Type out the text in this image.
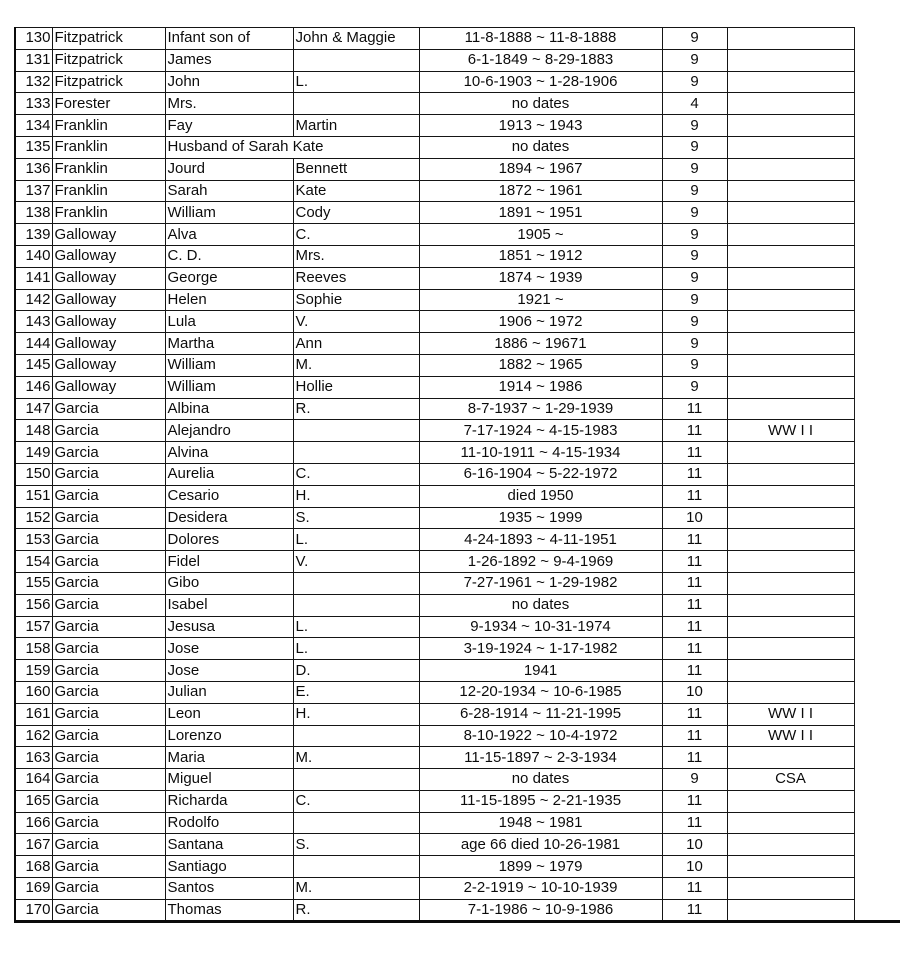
130	Fitzpatrick	Infant son of	John & Maggie	11-8-1888 ~ 11-8-1888	9	
131	Fitzpatrick	James		6-1-1849 ~ 8-29-1883	9	
132	Fitzpatrick	John	L.	10-6-1903 ~ 1-28-1906	9	
133	Forester	Mrs.		no dates	4	
134	Franklin	Fay	Martin	1913 ~ 1943	9	
135	Franklin	Husband of Sarah Kate		no dates	9	
136	Franklin	Jourd	Bennett	1894 ~ 1967	9	
137	Franklin	Sarah	Kate	1872 ~ 1961	9	
138	Franklin	William	Cody	1891 ~ 1951	9	
139	Galloway	Alva	C.	1905 ~	9	
140	Galloway	C. D.	Mrs.	1851 ~ 1912	9	
141	Galloway	George	Reeves	1874 ~ 1939	9	
142	Galloway	Helen	Sophie	1921 ~	9	
143	Galloway	Lula	V.	1906 ~ 1972	9	
144	Galloway	Martha	Ann	1886 ~ 19671	9	
145	Galloway	William	M.	1882 ~ 1965	9	
146	Galloway	William	Hollie	1914 ~ 1986	9	
147	Garcia	Albina	R.	8-7-1937 ~ 1-29-1939	11	
148	Garcia	Alejandro		7-17-1924 ~ 4-15-1983	11	WW I I
149	Garcia	Alvina		11-10-1911 ~ 4-15-1934	11	
150	Garcia	Aurelia	C.	6-16-1904 ~ 5-22-1972	11	
151	Garcia	Cesario	H.	died 1950	11	
152	Garcia	Desidera	S.	1935 ~ 1999	10	
153	Garcia	Dolores	L.	4-24-1893 ~ 4-11-1951	11	
154	Garcia	Fidel	V.	1-26-1892 ~ 9-4-1969	11	
155	Garcia	Gibo		7-27-1961 ~ 1-29-1982	11	
156	Garcia	Isabel		no dates	11	
157	Garcia	Jesusa	L.	9-1934 ~ 10-31-1974	11	
158	Garcia	Jose	L.	3-19-1924 ~ 1-17-1982	11	
159	Garcia	Jose	D.	1941	11	
160	Garcia	Julian	E.	12-20-1934 ~ 10-6-1985	10	
161	Garcia	Leon	H.	6-28-1914 ~ 11-21-1995	11	WW I I
162	Garcia	Lorenzo		8-10-1922 ~ 10-4-1972	11	WW I I
163	Garcia	Maria	M.	11-15-1897 ~ 2-3-1934	11	
164	Garcia	Miguel		no dates	9	CSA
165	Garcia	Richarda	C.	11-15-1895 ~ 2-21-1935	11	
166	Garcia	Rodolfo		1948 ~ 1981	11	
167	Garcia	Santana	S.	age 66 died 10-26-1981	10	
168	Garcia	Santiago		1899 ~ 1979	10	
169	Garcia	Santos	M.	2-2-1919 ~ 10-10-1939	11	
170	Garcia	Thomas	R.	7-1-1986 ~ 10-9-1986	11	
